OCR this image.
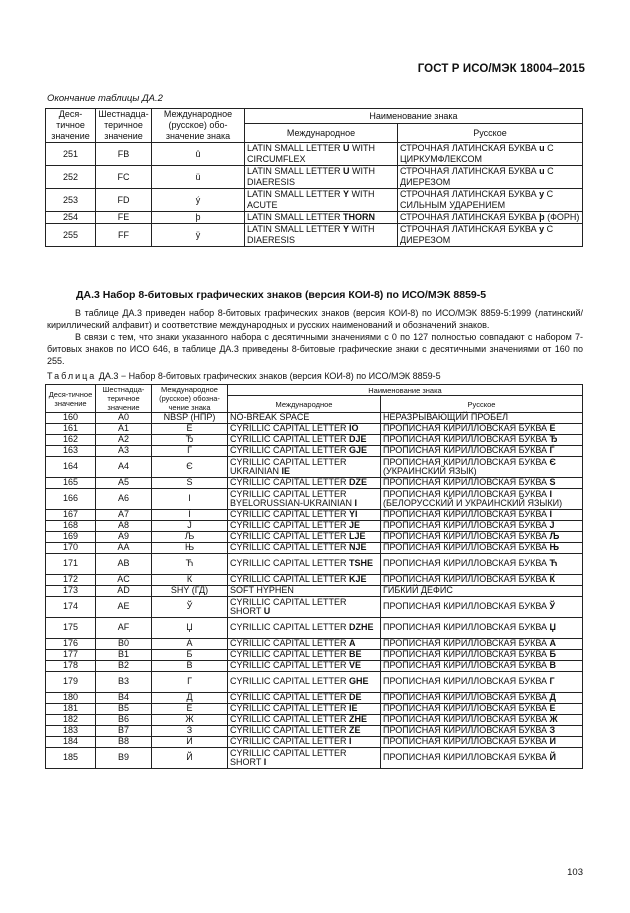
ГОСТ Р ИСО/МЭК 18004–2015
Окончание таблицы ДА.2
Деся-тичное значение	Шестнадца-теричное значение	Международное (русское) обо-значение знака	Наименование знака	
			Международное	Русское
251	FB	û	LATIN SMALL LETTER U WITH CIRCUMFLEX	СТРОЧНАЯ ЛАТИНСКАЯ БУКВА u С ЦИРКУМФЛЕКСОМ
252	FC	ü	LATIN SMALL LETTER U WITH DIAERESIS	СТРОЧНАЯ ЛАТИНСКАЯ БУКВА u С ДИЕРЕЗОМ
253	FD	ý	LATIN SMALL LETTER Y WITH ACUTE	СТРОЧНАЯ ЛАТИНСКАЯ БУКВА y С СИЛЬНЫМ УДАРЕНИЕМ
254	FE	þ	LATIN SMALL LETTER THORN	СТРОЧНАЯ ЛАТИНСКАЯ БУКВА þ (ФОРН)
255	FF	ÿ	LATIN SMALL LETTER Y WITH DIAERESIS	СТРОЧНАЯ ЛАТИНСКАЯ БУКВА y С ДИЕРЕЗОМ
ДА.3 Набор 8-битовых графических знаков (версия КОИ-8) по ИСО/МЭК 8859-5

В таблице ДА.3 приведен набор 8-битовых графических знаков (версия КОИ-8) по ИСО/МЭК 8859-5:1999 (латинский/кириллический алфавит) и соответствие международных и русских наименований и обозначений знаков.

В связи с тем, что знаки указанного набора с десятичными значениями с 0 по 127 полностью совпадают с набором 7-битовых знаков по ИСО 646, в таблице ДА.3 приведены 8-битовые графические знаки с десятичными значениями от 160 по 255.

Таблица ДА.3 − Набор 8-битовых графических знаков (версия КОИ-8) по ИСО/МЭК 8859-5
Деся-тичное значение	Шестнадца-теричное значение	Международное (русское) обозна-чение знака	Наименование знака	
			Международное	Русское
160	A0	NBSP (НПР)	NO-BREAK SPACE	НЕРАЗРЫВАЮЩИЙ ПРОБЕЛ
161	A1	Ё	CYRILLIC CAPITAL LETTER IO	ПРОПИСНАЯ КИРИЛЛОВСКАЯ БУКВА Ё
162	A2	Ђ	CYRILLIC CAPITAL LETTER DJE	ПРОПИСНАЯ КИРИЛЛОВСКАЯ БУКВА Ђ
163	A3	Ѓ	CYRILLIC CAPITAL LETTER GJE	ПРОПИСНАЯ КИРИЛЛОВСКАЯ БУКВА Ѓ
164	A4	Є	CYRILLIC CAPITAL LETTER UKRAINIAN IE	ПРОПИСНАЯ КИРИЛЛОВСКАЯ БУКВА Є (УКРАИНСКИЙ ЯЗЫК)
165	A5	Ѕ	CYRILLIC CAPITAL LETTER DZE	ПРОПИСНАЯ КИРИЛЛОВСКАЯ БУКВА S
166	A6	І	CYRILLIC CAPITAL LETTER BYELORUSSIAN-UKRAINIAN I	ПРОПИСНАЯ КИРИЛЛОВСКАЯ БУКВА І (БЕЛОРУССКИЙ И УКРАИНСКИЙ ЯЗЫКИ)
167	A7	Ї	CYRILLIC CAPITAL LETTER YI	ПРОПИСНАЯ КИРИЛЛОВСКАЯ БУКВА Ї
168	A8	J	CYRILLIC CAPITAL LETTER JE	ПРОПИСНАЯ КИРИЛЛОВСКАЯ БУКВА J
169	A9	Љ	CYRILLIC CAPITAL LETTER LJE	ПРОПИСНАЯ КИРИЛЛОВСКАЯ БУКВА Љ
170	AA	Њ	CYRILLIC CAPITAL LETTER NJE	ПРОПИСНАЯ КИРИЛЛОВСКАЯ БУКВА Њ
171	AB	Ћ	CYRILLIC CAPITAL LETTER TSHE	ПРОПИСНАЯ КИРИЛЛОВСКАЯ БУКВА Ћ
172	AC	Ќ	CYRILLIC CAPITAL LETTER KJE	ПРОПИСНАЯ КИРИЛЛОВСКАЯ БУКВА Ќ
173	AD	SHY (ГД)	SOFT HYPHEN	ГИБКИЙ ДЕФИС
174	AE	Ў	CYRILLIC CAPITAL LETTER SHORT U	ПРОПИСНАЯ КИРИЛЛОВСКАЯ БУКВА Ў
175	AF	Џ	CYRILLIC CAPITAL LETTER DZHE	ПРОПИСНАЯ КИРИЛЛОВСКАЯ БУКВА Џ
176	B0	А	CYRILLIC CAPITAL LETTER A	ПРОПИСНАЯ КИРИЛЛОВСКАЯ БУКВА А
177	B1	Б	CYRILLIC CAPITAL LETTER BE	ПРОПИСНАЯ КИРИЛЛОВСКАЯ БУКВА Б
178	B2	В	CYRILLIC CAPITAL LETTER VE	ПРОПИСНАЯ КИРИЛЛОВСКАЯ БУКВА В
179	B3	Г	CYRILLIC CAPITAL LETTER GHE	ПРОПИСНАЯ КИРИЛЛОВСКАЯ БУКВА Г
180	B4	Д	CYRILLIC CAPITAL LETTER DE	ПРОПИСНАЯ КИРИЛЛОВСКАЯ БУКВА Д
181	B5	Е	CYRILLIC CAPITAL LETTER IE	ПРОПИСНАЯ КИРИЛЛОВСКАЯ БУКВА Е
182	B6	Ж	CYRILLIC CAPITAL LETTER ZHE	ПРОПИСНАЯ КИРИЛЛОВСКАЯ БУКВА Ж
183	B7	З	CYRILLIC CAPITAL LETTER ZE	ПРОПИСНАЯ КИРИЛЛОВСКАЯ БУКВА З
184	B8	И	CYRILLIC CAPITAL LETTER I	ПРОПИСНАЯ КИРИЛЛОВСКАЯ БУКВА И
185	B9	Й	CYRILLIC CAPITAL LETTER SHORT I	ПРОПИСНАЯ КИРИЛЛОВСКАЯ БУКВА Й
103
